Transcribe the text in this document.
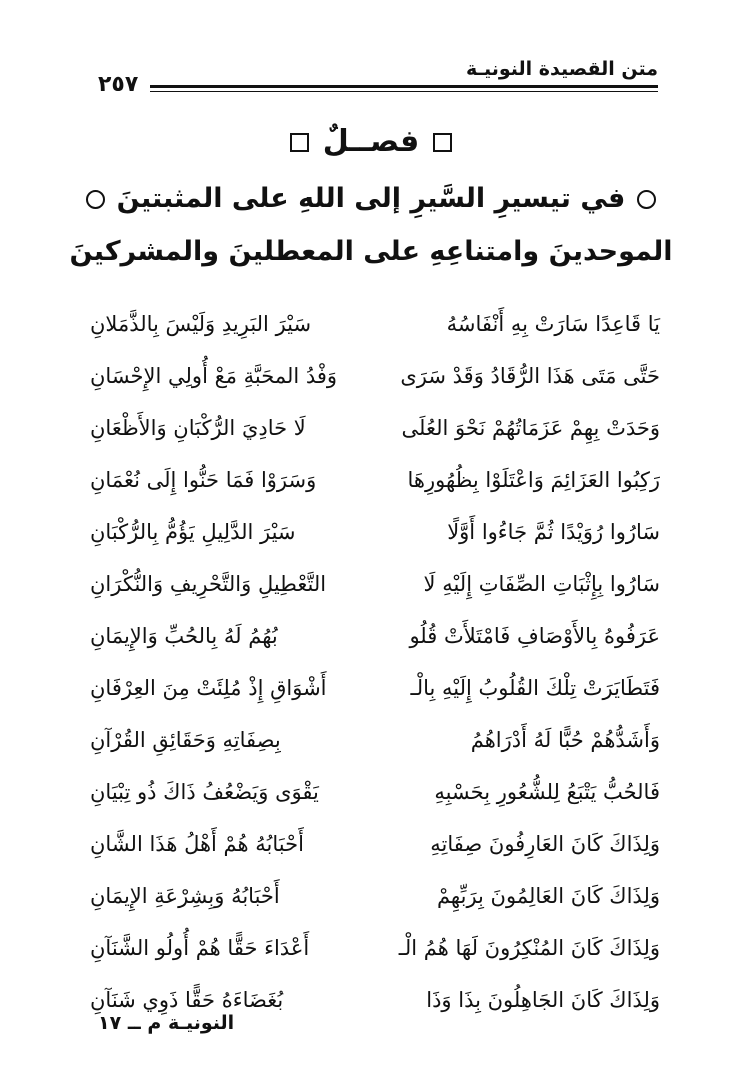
٢٥٧
متن القصيدة النونيـة
فصــلٌ
في تيسيرِ السَّيرِ إلى اللهِ على المثبتينَ
الموحدينَ وامتناعِهِ على المعطلينَ والمشركينَ
يَا قَاعِدًا سَارَتْ بِهِ أَنْفَاسُهُ
سَيْرَ البَرِيدِ وَلَيْسَ بِالذَّمَلانِ
حَتَّى مَتَى هَذَا الرُّقَادُ وَقَدْ سَرَى
وَفْدُ المحَبَّةِ مَعْ أُولِي الإِحْسَانِ
وَحَدَتْ بِهِمْ عَزَمَاتُهُمْ نَحْوَ العُلَى
لَا حَادِيَ الرُّكْبَانِ وَالأَظْعَانِ
رَكِبُوا العَزَائِمَ وَاعْتَلَوْا بِظُهُورِهَا
وَسَرَوْا فَمَا حَنُّوا إِلَى نُعْمَانِ
سَارُوا رُوَيْدًا ثُمَّ جَاءُوا أَوَّلًا
سَيْرَ الدَّلِيلِ يَؤُمُّ بِالرُّكْبَانِ
سَارُوا بِإِثْبَاتِ الصِّفَاتِ إِلَيْهِ لَا
التَّعْطِيلِ وَالتَّحْرِيفِ وَالنُّكْرَانِ
عَرَفُوهُ بِالأَوْصَافِ فَامْتَلأَتْ قُلُو
بُهُمُ لَهُ بِالحُبِّ وَالإِيمَانِ
فَتَطَايَرَتْ تِلْكَ القُلُوبُ إِلَيْهِ بِالْـ
أَشْوَاقِ إِذْ مُلِئَتْ مِنَ العِرْفَانِ
وَأَشَدُّهُمْ حُبًّا لَهُ أَدْرَاهُمُ
بِصِفَاتِهِ وَحَقَائِقِ القُرْآنِ
فَالحُبُّ يَتْبَعُ لِلشُّعُورِ بِحَسْبِهِ
يَقْوَى وَيَضْعُفُ ذَاكَ ذُو تِبْيَانِ
وَلِذَاكَ كَانَ العَارِفُونَ صِفَاتِهِ
أَحْبَابُهُ هُمْ أَهْلُ هَذَا الشَّانِ
وَلِذَاكَ كَانَ العَالِمُونَ بِرَبِّهِمْ
أَحْبَابُهُ وَبِشِرْعَةِ الإِيمَانِ
وَلِذَاكَ كَانَ المُنْكِرُونَ لَهَا هُمُ الْـ
أَعْدَاءَ حَقًّا هُمْ أُولُو الشَّنَآنِ
وَلِذَاكَ كَانَ الجَاهِلُونَ بِذَا وَذَا
بُغَضَاءَهُ حَقًّا ذَوِي شَنَآنِ
النونيـة م ــ ١٧
